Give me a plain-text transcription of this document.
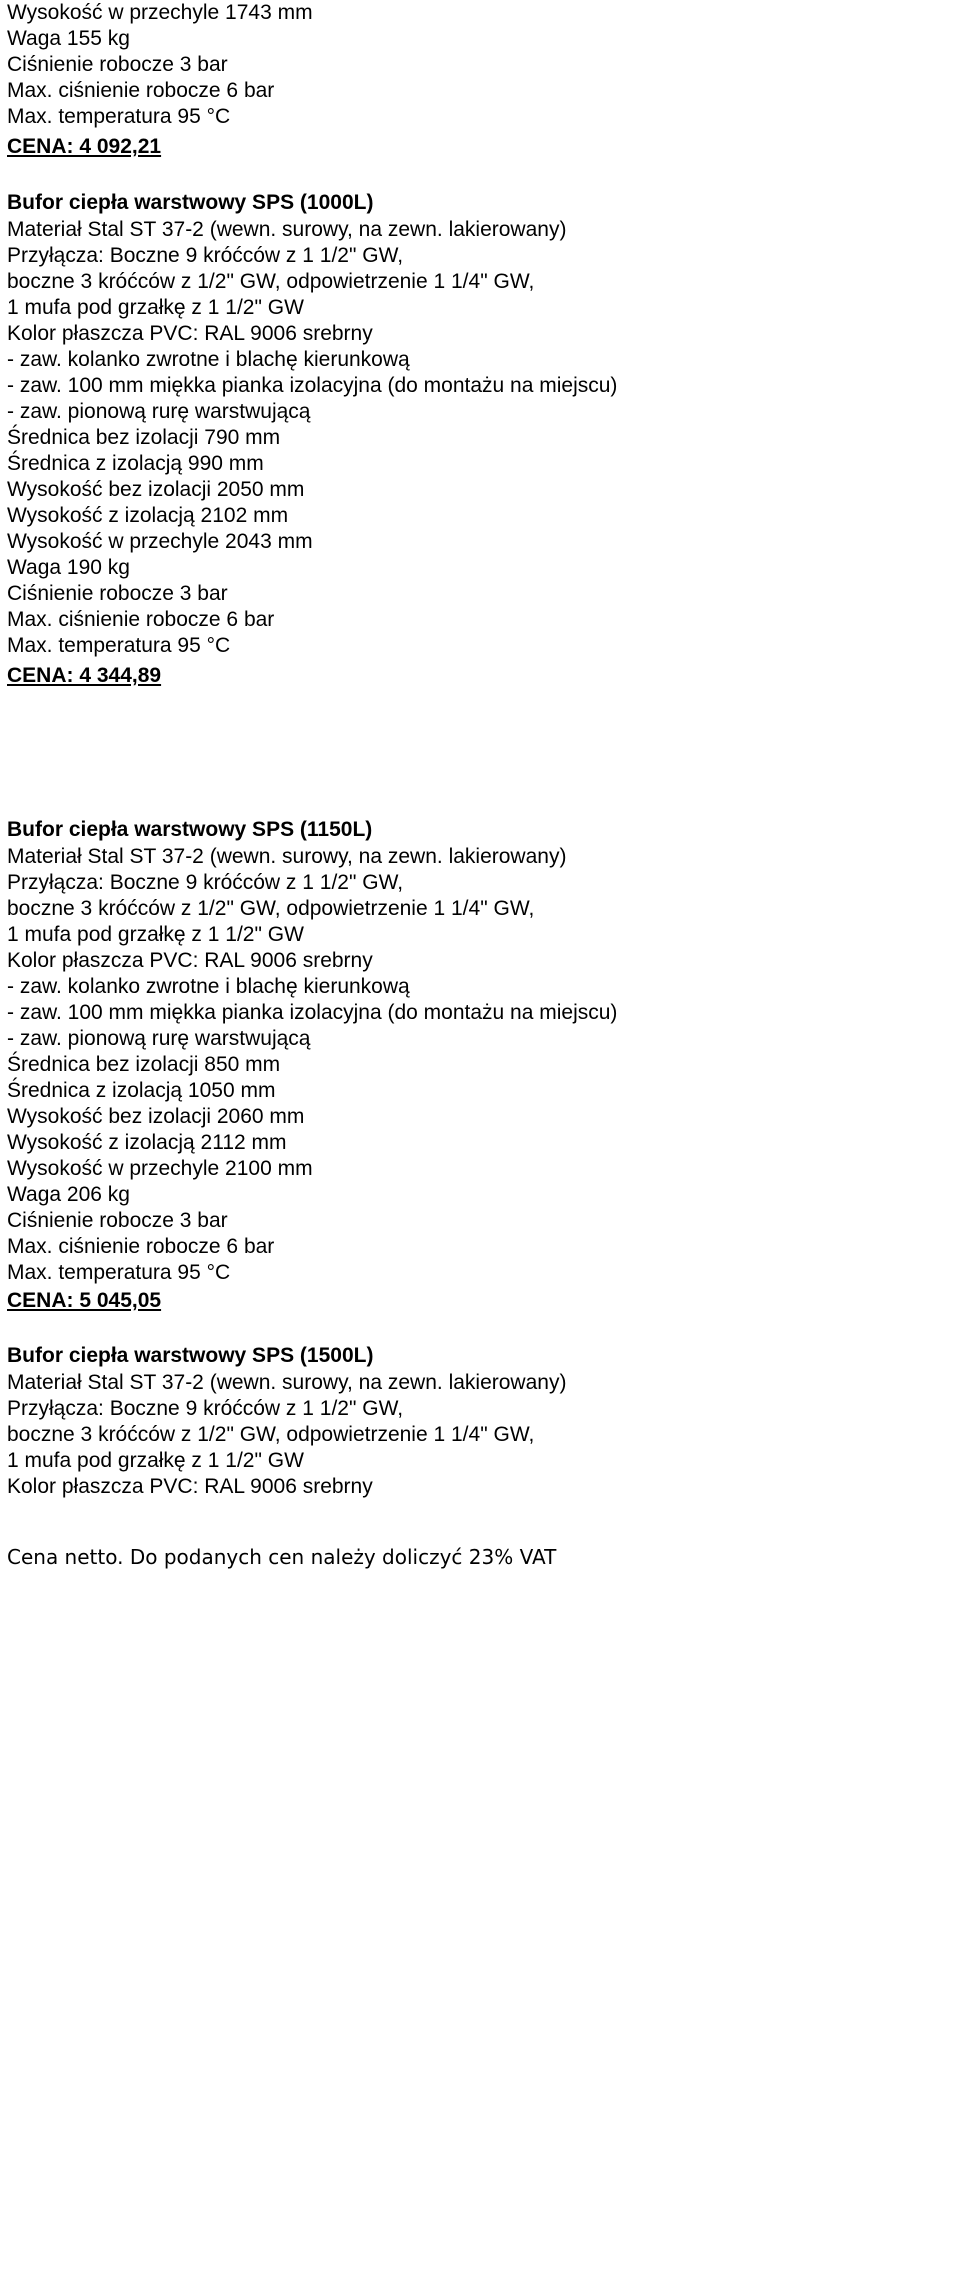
Wysokość w przechyle 1743 mm
Waga 155 kg
Ciśnienie robocze 3 bar
Max. ciśnienie robocze 6 bar
Max. temperatura 95 °C
CENA: 4 092,21
Bufor ciepła warstwowy SPS (1000L)
Materiał Stal ST 37-2 (wewn. surowy, na zewn. lakierowany)
Przyłącza: Boczne 9 króćców z 1 1/2" GW,
boczne 3 króćców z 1/2" GW, odpowietrzenie 1 1/4" GW,
1 mufa pod grzałkę z 1 1/2" GW
Kolor płaszcza PVC: RAL 9006 srebrny
- zaw. kolanko zwrotne i blachę kierunkową
- zaw. 100 mm miękka pianka izolacyjna (do montażu na miejscu)
- zaw. pionową rurę warstwującą
Średnica bez izolacji 790 mm
Średnica z izolacją 990 mm
Wysokość bez izolacji 2050 mm
Wysokość z izolacją 2102 mm
Wysokość w przechyle 2043 mm
Waga 190 kg
Ciśnienie robocze 3 bar
Max. ciśnienie robocze 6 bar
Max. temperatura 95 °C
CENA: 4 344,89
Bufor ciepła warstwowy SPS (1150L)
Materiał Stal ST 37-2 (wewn. surowy, na zewn. lakierowany)
Przyłącza: Boczne 9 króćców z 1 1/2" GW,
boczne 3 króćców z 1/2" GW, odpowietrzenie 1 1/4" GW,
1 mufa pod grzałkę z 1 1/2" GW
Kolor płaszcza PVC: RAL 9006 srebrny
- zaw. kolanko zwrotne i blachę kierunkową
- zaw. 100 mm miękka pianka izolacyjna (do montażu na miejscu)
- zaw. pionową rurę warstwującą
Średnica bez izolacji 850 mm
Średnica z izolacją 1050 mm
Wysokość bez izolacji 2060 mm
Wysokość z izolacją 2112 mm
Wysokość w przechyle 2100 mm
Waga 206 kg
Ciśnienie robocze 3 bar
Max. ciśnienie robocze 6 bar
Max. temperatura 95 °C
CENA: 5 045,05
Bufor ciepła warstwowy SPS (1500L)
Materiał Stal ST 37-2 (wewn. surowy, na zewn. lakierowany)
Przyłącza: Boczne 9 króćców z 1 1/2" GW,
boczne 3 króćców z 1/2" GW, odpowietrzenie 1 1/4" GW,
1 mufa pod grzałkę z 1 1/2" GW
Kolor płaszcza PVC: RAL 9006 srebrny
Cena netto. Do podanych cen należy doliczyć 23% VAT
